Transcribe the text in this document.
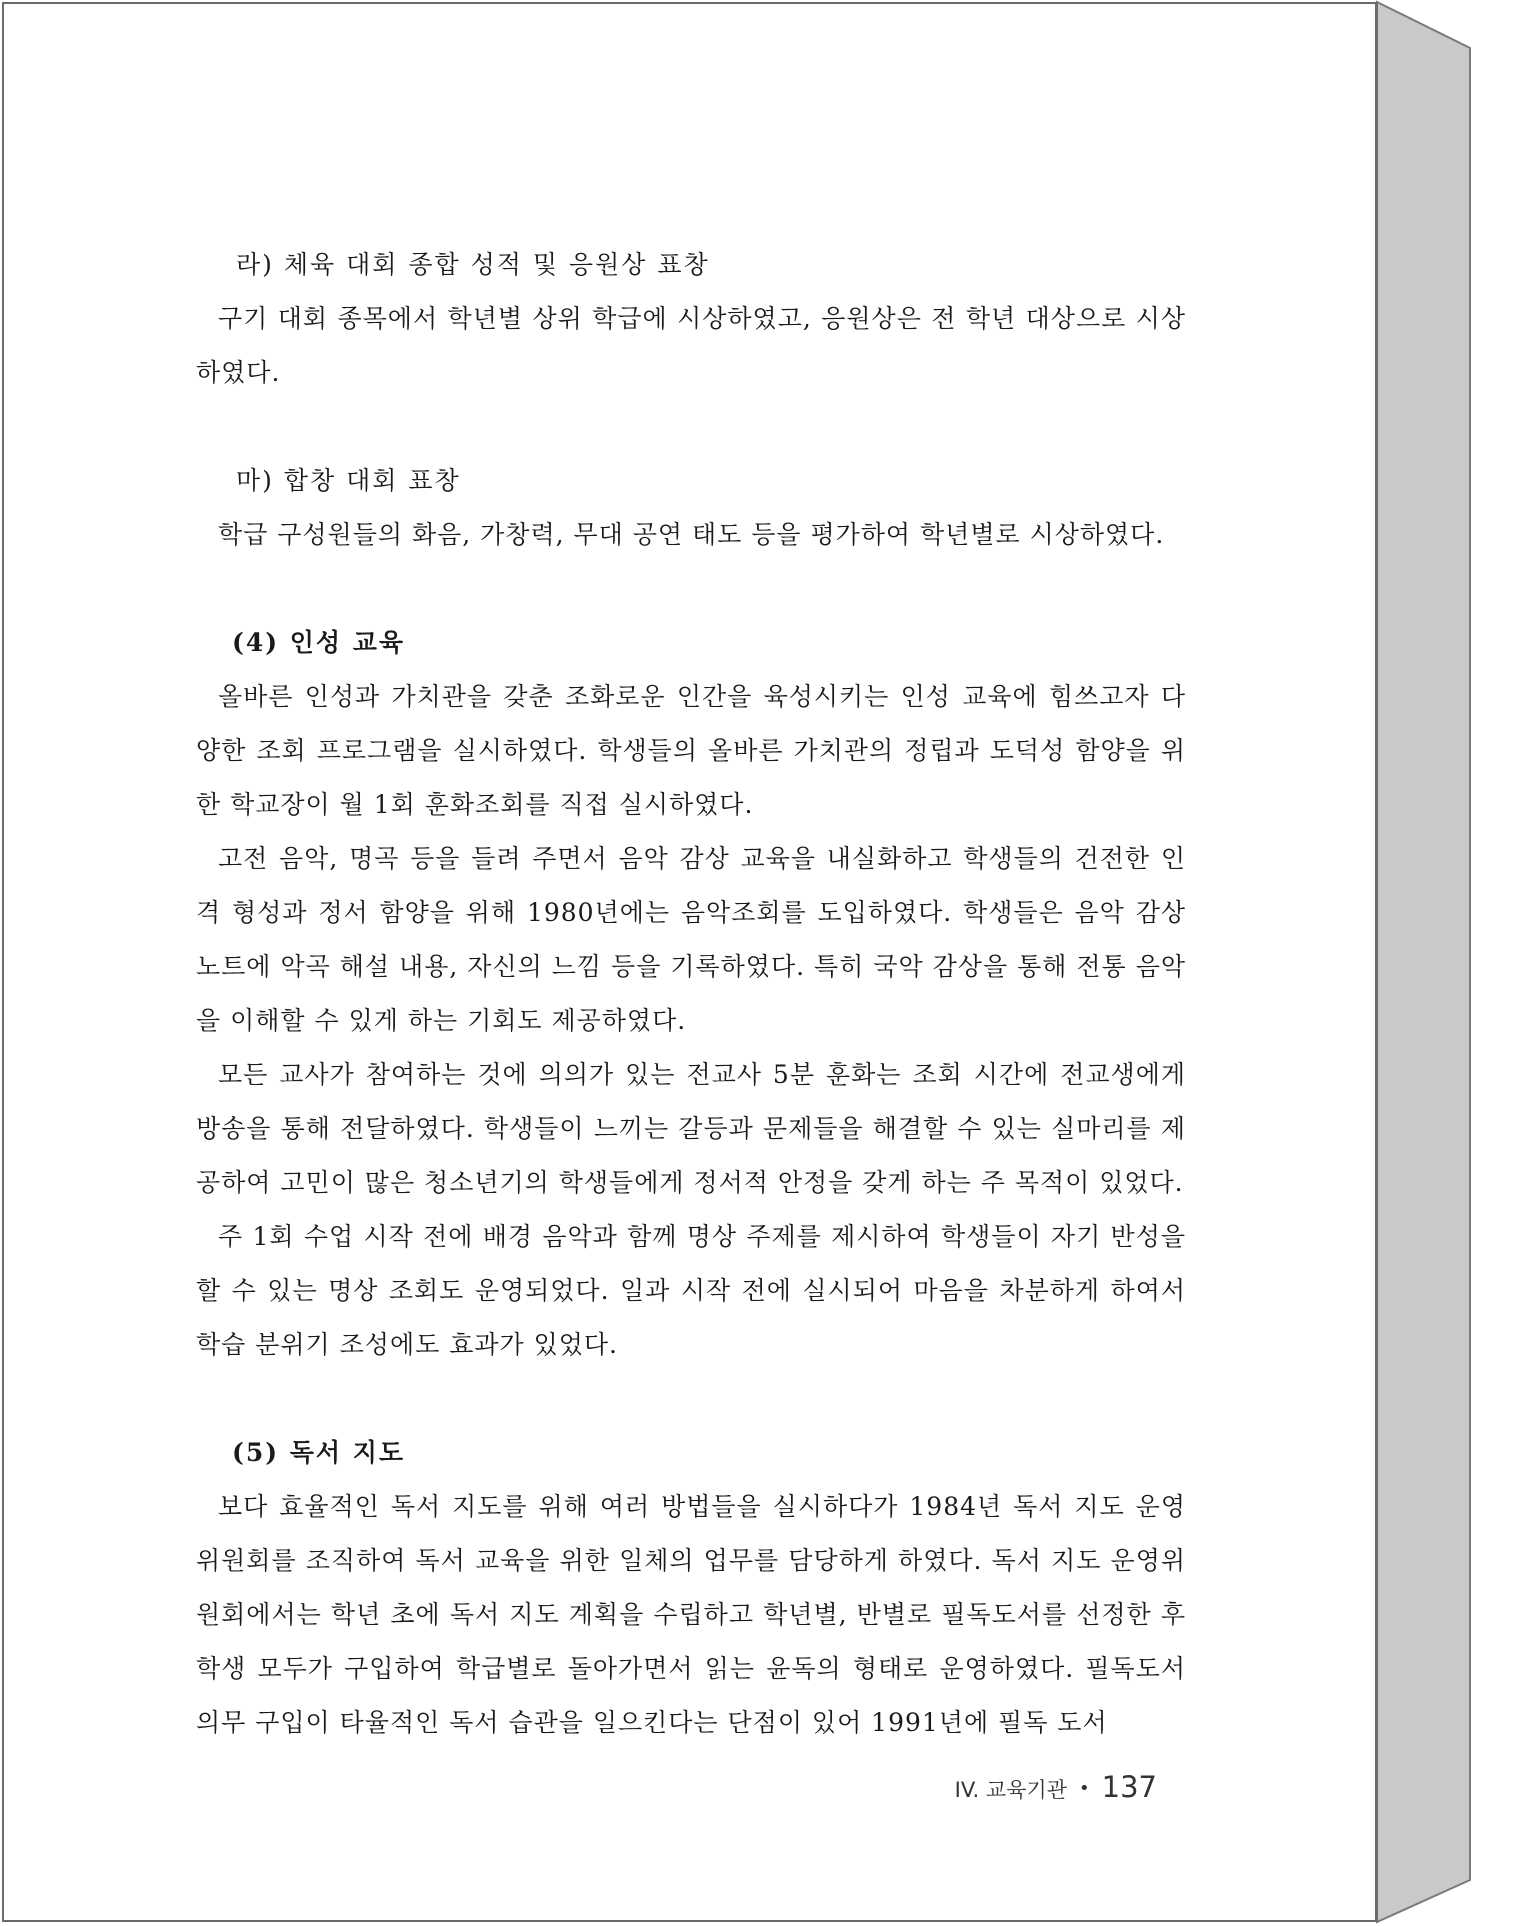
라) 체육 대회 종합 성적 및 응원상 표창

구기 대회 종목에서 학년별 상위 학급에 시상하였고, 응원상은 전 학년 대상으로 시상하였다.

마) 합창 대회 표창

학급 구성원들의 화음, 가창력, 무대 공연 태도 등을 평가하여 학년별로 시상하였다.

(4) 인성 교육

올바른 인성과 가치관을 갖춘 조화로운 인간을 육성시키는 인성 교육에 힘쓰고자 다양한 조회 프로그램을 실시하였다. 학생들의 올바른 가치관의 정립과 도덕성 함양을 위한 학교장이 월 1회 훈화조회를 직접 실시하였다.

고전 음악, 명곡 등을 들려 주면서 음악 감상 교육을 내실화하고 학생들의 건전한 인격 형성과 정서 함양을 위해 1980년에는 음악조회를 도입하였다. 학생들은 음악 감상 노트에 악곡 해설 내용, 자신의 느낌 등을 기록하였다. 특히 국악 감상을 통해 전통 음악을 이해할 수 있게 하는 기회도 제공하였다.

모든 교사가 참여하는 것에 의의가 있는 전교사 5분 훈화는 조회 시간에 전교생에게 방송을 통해 전달하였다. 학생들이 느끼는 갈등과 문제들을 해결할 수 있는 실마리를 제공하여 고민이 많은 청소년기의 학생들에게 정서적 안정을 갖게 하는 주 목적이 있었다.

주 1회 수업 시작 전에 배경 음악과 함께 명상 주제를 제시하여 학생들이 자기 반성을 할 수 있는 명상 조회도 운영되었다. 일과 시작 전에 실시되어 마음을 차분하게 하여서 학습 분위기 조성에도 효과가 있었다.

(5) 독서 지도

보다 효율적인 독서 지도를 위해 여러 방법들을 실시하다가 1984년 독서 지도 운영위원회를 조직하여 독서 교육을 위한 일체의 업무를 담당하게 하였다. 독서 지도 운영위원회에서는 학년 초에 독서 지도 계획을 수립하고 학년별, 반별로 필독도서를 선정한 후 학생 모두가 구입하여 학급별로 돌아가면서 읽는 윤독의 형태로 운영하였다. 필독도서 의무 구입이 타율적인 독서 습관을 일으킨다는 단점이 있어 1991년에 필독 도서

IV. 교육기관 • 137
